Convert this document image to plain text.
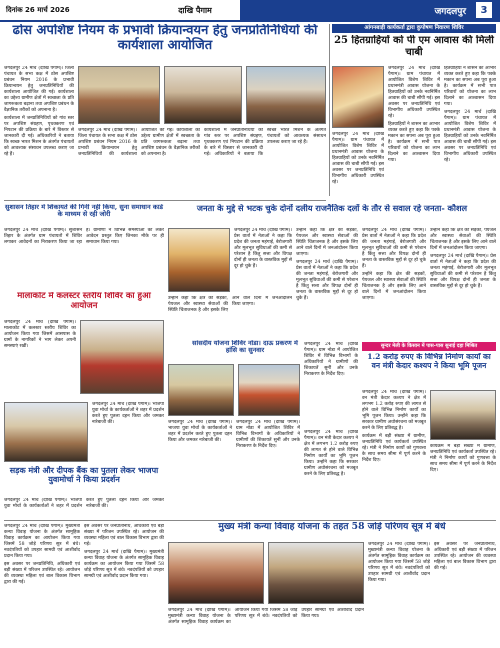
दिनांक 26 मार्च 2026	दाखि पैगाम	जगदलपुर	3
ढोस अपशिष्ट नियम के प्रभावी क्रियान्वयन हेतु जनप्रतिनिधियों की कार्यशाला आयोजित

जगदलपुर 24 मार्च (दाखि पैगाम)। जिला पंचायत के सभा कक्ष में ठोस अपशिष्ट प्रबंधन नियम 2016 के प्रभावी क्रियान्वयन हेतु जनप्रतिनिधियों की कार्यशाला आयोजित की गई। कार्यशाला का उद्देश्य ग्रामीण क्षेत्रों में स्वच्छता के प्रति जागरूकता बढ़ाना तथा अपशिष्ट प्रबंधन के वैज्ञानिक तरीकों को अपनाना है।

कार्यशाला में जनप्रतिनिधियों को गांव स्तर पर अपशिष्ट संग्रहण, पृथक्करण एवं निपटान की प्रक्रिया के बारे में विस्तार से जानकारी दी गई। अधिकारियों ने बताया कि स्वच्छ भारत मिशन के अंतर्गत पंचायतों को आवश्यक संसाधन उपलब्ध कराए जा रहे हैं।

जगदलपुर 24 मार्च (दाखि पैगाम)। जिला पंचायत के सभा कक्ष में ठोस अपशिष्ट प्रबंधन नियम 2016 के प्रभावी क्रियान्वयन हेतु जनप्रतिनिधियों की कार्यशाला आयोजित की गई। कार्यशाला का उद्देश्य ग्रामीण क्षेत्रों में स्वच्छता के प्रति जागरूकता बढ़ाना तथा अपशिष्ट प्रबंधन के वैज्ञानिक तरीकों को अपनाना है।

कार्यशाला में जनप्रतिनिधियों को गांव स्तर पर अपशिष्ट संग्रहण, पृथक्करण एवं निपटान की प्रक्रिया के बारे में विस्तार से जानकारी दी गई। अधिकारियों ने बताया कि स्वच्छ भारत मिशन के अंतर्गत पंचायतों को आवश्यक संसाधन उपलब्ध कराए जा रहे हैं।

आंगनबाड़ी कार्यकर्ता द्वारा कुपोषण निवारण शिविर
25 हितग्राहियों को पी एम आवास की मिली चाबी

जगदलपुर 24 मार्च (दाखि पैगाम)। ग्राम पंचायत में आयोजित विशेष शिविर में प्रधानमंत्री आवास योजना के हितग्राहियों को उनके नवनिर्मित आवास की चाबी सौंपी गई। इस अवसर पर जनप्रतिनिधि एवं विभागीय अधिकारी उपस्थित रहे।

हितग्राहियों ने शासन का आभार व्यक्त करते हुए कहा कि पक्के मकान का सपना अब पूरा हुआ है। कार्यक्रम में सभी पात्र परिवारों को योजना का लाभ दिलाने का आश्वासन दिया गया।

हितग्राहियों ने शासन का आभार व्यक्त करते हुए कहा कि पक्के मकान का सपना अब पूरा हुआ है। कार्यक्रम में सभी पात्र परिवारों को योजना का लाभ दिलाने का आश्वासन दिया गया।

जगदलपुर 24 मार्च (दाखि पैगाम)। ग्राम पंचायत में आयोजित विशेष शिविर में प्रधानमंत्री आवास योजना के हितग्राहियों को उनके नवनिर्मित आवास की चाबी सौंपी गई। इस अवसर पर जनप्रतिनिधि एवं विभागीय अधिकारी उपस्थित रहे।

जगदलपुर 24 मार्च (दाखि पैगाम)। ग्राम पंचायत में आयोजित विशेष शिविर में प्रधानमंत्री आवास योजना के हितग्राहियों को उनके नवनिर्मित आवास की चाबी सौंपी गई। इस अवसर पर जनप्रतिनिधि एवं विभागीय अधिकारी उपस्थित रहे।

सुशासन तिहार में शिकायतें की गिनी नहीं किया, सुना समाधान कार्ड के माध्यम से रही जोरी

जगदलपुर 24 मार्च (दाखि पैगाम)। सुशासन तिहार के अंतर्गत ग्राम पंचायतों में शिविर लगाकर आवेदनों का निराकरण किया जा रहा है। ग्रामीणों ने विभिन्न समस्याओं को लेकर आवेदन प्रस्तुत किए जिनका मौके पर ही समाधान किया गया।

मालाकोट में कलस्टर स्तरीय शिविर का हुआ आयोजन

जगदलपुर 24 मार्च (दाखि पैगाम)। मालाकोट में कलस्टर स्तरीय शिविर का आयोजन किया गया जिसमें आसपास के ग्रामों के नागरिकों ने भाग लेकर अपनी समस्याएं रखीं।

जनता के मुद्दे से भटक चुके दोनों दलीय राजनैतिक दलों के तौर से सवाल रहे जनता- कौशल

जगदलपुर 24 मार्च (दाखि पैगाम)। प्रेस वार्ता में नेताओं ने कहा कि प्रदेश की जनता महंगाई, बेरोजगारी और मूलभूत सुविधाओं की कमी से परेशान है किंतु सत्ता और विपक्ष दोनों ही जनता के वास्तविक मुद्दों से दूर हो चुके हैं।

उन्होंने कहा कि क्षेत्र की सड़कों, पेयजल और स्वास्थ्य सेवाओं की स्थिति चिंताजनक है और इसके लिए आने वाले दिनों में जनआंदोलन किया जाएगा।

जगदलपुर 24 मार्च (दाखि पैगाम)। प्रेस वार्ता में नेताओं ने कहा कि प्रदेश की जनता महंगाई, बेरोजगारी और मूलभूत सुविधाओं की कमी से परेशान है किंतु सत्ता और विपक्ष दोनों ही जनता के वास्तविक मुद्दों से दूर हो चुके हैं।

जगदलपुर 24 मार्च (दाखि पैगाम)। प्रेस वार्ता में नेताओं ने कहा कि प्रदेश की जनता महंगाई, बेरोजगारी और मूलभूत सुविधाओं की कमी से परेशान है किंतु सत्ता और विपक्ष दोनों ही जनता के वास्तविक मुद्दों से दूर हो चुके हैं।

उन्होंने कहा कि क्षेत्र की सड़कों, पेयजल और स्वास्थ्य सेवाओं की स्थिति चिंताजनक है और इसके लिए आने वाले दिनों में जनआंदोलन किया जाएगा।

उन्होंने कहा कि क्षेत्र की सड़कों, पेयजल और स्वास्थ्य सेवाओं की स्थिति चिंताजनक है और इसके लिए आने वाले दिनों में जनआंदोलन किया जाएगा।

जगदलपुर 24 मार्च (दाखि पैगाम)। प्रेस वार्ता में नेताओं ने कहा कि प्रदेश की जनता महंगाई, बेरोजगारी और मूलभूत सुविधाओं की कमी से परेशान है किंतु सत्ता और विपक्ष दोनों ही जनता के वास्तविक मुद्दों से दूर हो चुके हैं।

उन्होंने कहा कि क्षेत्र की सड़कों, पेयजल और स्वास्थ्य सेवाओं की स्थिति चिंताजनक है और इसके लिए आने वाले दिनों में जनआंदोलन किया जाएगा।

सांसदीय योजना शिविर नोडा। दाऊ प्रकरण में हांसि का सुनवार

जगदलपुर 24 मार्च (दाखि पैगाम)। ग्राम नोडा में आयोजित शिविर में विभिन्न विभागों के अधिकारियों ने ग्रामीणों की शिकायतें सुनीं और उनके निराकरण के निर्देश दिए।

सुन्दर मेली के किसान में पास-पास सुनाई दहा मिश्रित
1.2 करोड़ रुपए के विभिन्न निर्माण कार्यों का वन मंत्री केदार कश्यप ने किया भूमि पूजन

जगदलपुर 24 मार्च (दाखि पैगाम)। वन मंत्री केदार कश्यप ने क्षेत्र में लगभग 1.2 करोड़ रुपए की लागत से होने वाले विभिन्न निर्माण कार्यों का भूमि पूजन किया। उन्होंने कहा कि सरकार ग्रामीण अधोसंरचना को मजबूत करने के लिए प्रतिबद्ध है।

कार्यक्रम में बड़ी संख्या में ग्रामीण, जनप्रतिनिधि एवं कार्यकर्ता उपस्थित रहे। मंत्री ने निर्माण कार्यों को गुणवत्ता के साथ समय सीमा में पूर्ण करने के निर्देश दिए।

कार्यक्रम में बड़ी संख्या में ग्रामीण, जनप्रतिनिधि एवं कार्यकर्ता उपस्थित रहे। मंत्री ने निर्माण कार्यों को गुणवत्ता के साथ समय सीमा में पूर्ण करने के निर्देश दिए।

जगदलपुर 24 मार्च (दाखि पैगाम)। वन मंत्री केदार कश्यप ने क्षेत्र में लगभग 1.2 करोड़ रुपए की लागत से होने वाले विभिन्न निर्माण कार्यों का भूमि पूजन किया। उन्होंने कहा कि सरकार ग्रामीण अधोसंरचना को मजबूत करने के लिए प्रतिबद्ध है।

सड़क मंत्री और दीपक बैंक का पुतला लेकर भाजपा युवामोर्चा ने किया प्रदर्शन

जगदलपुर 24 मार्च (दाखि पैगाम)। भाजपा युवा मोर्चा के कार्यकर्ताओं ने शहर में प्रदर्शन करते हुए पुतला दहन किया और जमकर नारेबाजी की।	जगदलपुर 24 मार्च (दाखि पैगाम)। भाजपा युवा मोर्चा के कार्यकर्ताओं ने शहर में प्रदर्शन करते हुए पुतला दहन किया और जमकर नारेबाजी की।

जगदलपुर 24 मार्च (दाखि पैगाम)। ग्राम नोडा में आयोजित शिविर में विभिन्न विभागों के अधिकारियों ने ग्रामीणों की शिकायतें सुनीं और उनके निराकरण के निर्देश दिए।

जगदलपुर 24 मार्च (दाखि पैगाम)। भाजपा युवा मोर्चा के कार्यकर्ताओं ने शहर में प्रदर्शन करते हुए पुतला दहन किया और जमकर नारेबाजी की।

मुख्य मंत्री कन्या विवाह योजना के तहत 58 जोड़े परिणय सूत्र में बंधे

जगदलपुर 24 मार्च (दाखि पैगाम)। मुख्यमंत्री कन्या विवाह योजना के अंतर्गत सामूहिक विवाह कार्यक्रम का आयोजन किया गया जिसमें 58 जोड़े परिणय सूत्र में बंधे। नवदंपतियों को उपहार सामग्री एवं आशीर्वाद प्रदान किया गया।

इस अवसर पर जनप्रतिनिधि, अधिकारी एवं बड़ी संख्या में परिजन उपस्थित रहे। आयोजन की व्यवस्था महिला एवं बाल विकास विभाग द्वारा की गई।

इस अवसर पर जनप्रतिनिधि, अधिकारी एवं बड़ी संख्या में परिजन उपस्थित रहे। आयोजन की व्यवस्था महिला एवं बाल विकास विभाग द्वारा की गई।

जगदलपुर 24 मार्च (दाखि पैगाम)। मुख्यमंत्री कन्या विवाह योजना के अंतर्गत सामूहिक विवाह कार्यक्रम का आयोजन किया गया जिसमें 58 जोड़े परिणय सूत्र में बंधे। नवदंपतियों को उपहार सामग्री एवं आशीर्वाद प्रदान किया गया।

जगदलपुर 24 मार्च (दाखि पैगाम)। मुख्यमंत्री कन्या विवाह योजना के अंतर्गत सामूहिक विवाह कार्यक्रम का आयोजन किया गया जिसमें 58 जोड़े परिणय सूत्र में बंधे। नवदंपतियों को उपहार सामग्री एवं आशीर्वाद प्रदान किया गया।

इस अवसर पर जनप्रतिनिधि, अधिकारी एवं बड़ी संख्या में परिजन उपस्थित रहे। आयोजन की व्यवस्था महिला एवं बाल विकास विभाग द्वारा की गई।

जगदलपुर 24 मार्च (दाखि पैगाम)। मुख्यमंत्री कन्या विवाह योजना के अंतर्गत सामूहिक विवाह कार्यक्रम का आयोजन किया गया जिसमें 58 जोड़े परिणय सूत्र में बंधे। नवदंपतियों को उपहार सामग्री एवं आशीर्वाद प्रदान किया गया।
